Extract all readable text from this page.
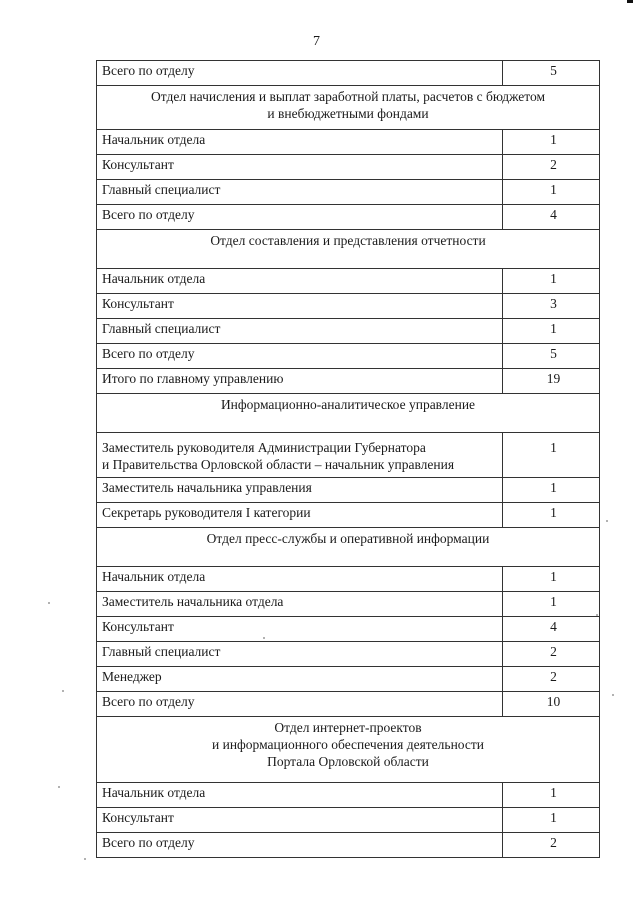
7
Всего по отделу	5

Отдел начисления и выплат заработной платы, расчетов с бюджетом
и внебюджетными фондами	

Начальник отдела	1
Консультант	2
Главный специалист	1
Всего по отделу	4

Отдел составления и представления отчетности	

Начальник отдела	1
Консультант	3
Главный специалист	1
Всего по отделу	5
Итого по главному управлению	19

Информационно-аналитическое управление	

Заместитель руководителя Администрации Губернатора
и Правительства Орловской области – начальник управления	1
Заместитель начальника управления	1
Секретарь руководителя I категории	1

Отдел пресс-службы и оперативной информации	

Начальник отдела	1
Заместитель начальника отдела	1
Консультант	4
Главный специалист	2
Менеджер	2
Всего по отделу	10

Отдел интернет-проектов
и информационного обеспечения деятельности
Портала Орловской области	

Начальник отдела	1
Консультант	1
Всего по отделу	2
